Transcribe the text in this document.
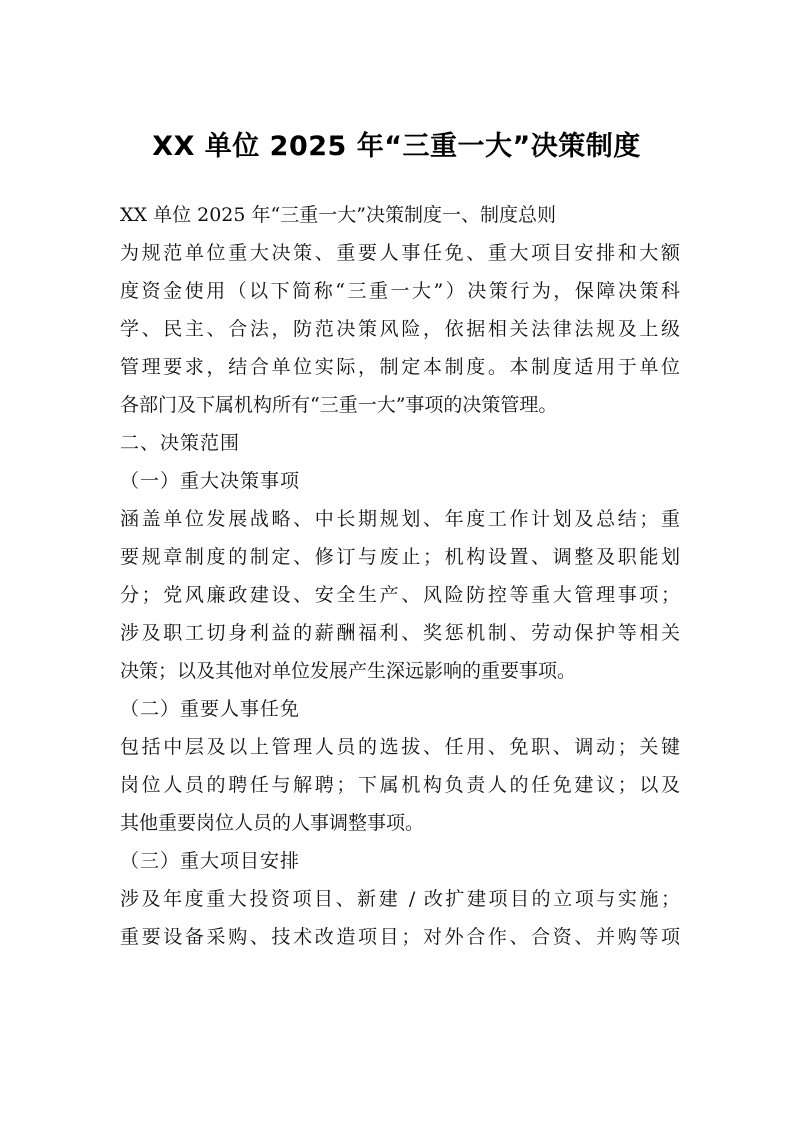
XX 单位 2025 年“三重一大”决策制度
XX 单位 2025 年“三重一大”决策制度一、制度总则
为规范单位重大决策、重要人事任免、重大项目安排和大额
度资金使用（以下简称“三重一大”）决策行为，保障决策科
学、民主、合法，防范决策风险，依据相关法律法规及上级
管理要求，结合单位实际，制定本制度。本制度适用于单位
各部门及下属机构所有“三重一大”事项的决策管理。
二、决策范围
（一）重大决策事项
涵盖单位发展战略、中长期规划、年度工作计划及总结；重
要规章制度的制定、修订与废止；机构设置、调整及职能划
分；党风廉政建设、安全生产、风险防控等重大管理事项；
涉及职工切身利益的薪酬福利、奖惩机制、劳动保护等相关
决策；以及其他对单位发展产生深远影响的重要事项。
（二）重要人事任免
包括中层及以上管理人员的选拔、任用、免职、调动；关键
岗位人员的聘任与解聘；下属机构负责人的任免建议；以及
其他重要岗位人员的人事调整事项。
（三）重大项目安排
涉及年度重大投资项目、新建 / 改扩建项目的立项与实施；
重要设备采购、技术改造项目；对外合作、合资、并购等项
